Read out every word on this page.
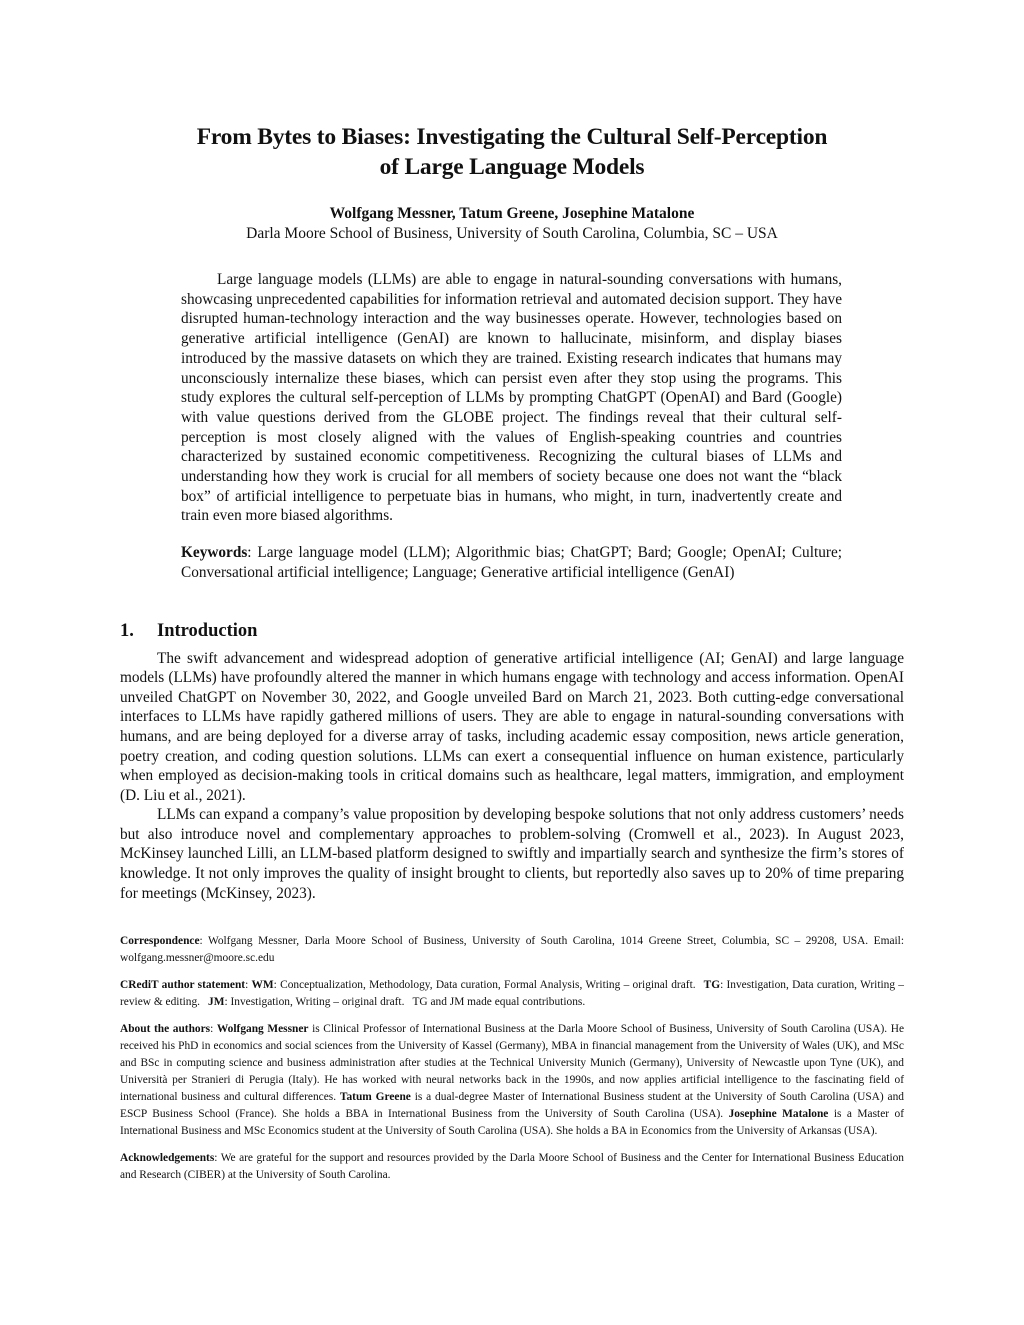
From Bytes to Biases: Investigating the Cultural Self-Perception
of Large Language Models
Wolfgang Messner, Tatum Greene, Josephine Matalone
Darla Moore School of Business, University of South Carolina, Columbia, SC – USA

Large language models (LLMs) are able to engage in natural-sounding conversations with humans, showcasing unprecedented capabilities for information retrieval and automated decision support. They have disrupted human-technology interaction and the way businesses operate. However, technologies based on generative artificial intelligence (GenAI) are known to hallucinate, misinform, and display biases introduced by the massive datasets on which they are trained. Existing research indicates that humans may unconsciously internalize these biases, which can persist even after they stop using the programs. This study explores the cultural self-perception of LLMs by prompting ChatGPT (OpenAI) and Bard (Google) with value questions derived from the GLOBE project. The findings reveal that their cultural self-perception is most closely aligned with the values of English-speaking countries and countries characterized by sustained economic competitiveness. Recognizing the cultural biases of LLMs and understanding how they work is crucial for all members of society because one does not want the “black box” of artificial intelligence to perpetuate bias in humans, who might, in turn, inadvertently create and train even more biased algorithms.

Keywords: Large language model (LLM); Algorithmic bias; ChatGPT; Bard; Google; OpenAI; Culture; Conversational artificial intelligence; Language; Generative artificial intelligence (GenAI)

1.	Introduction

The swift advancement and widespread adoption of generative artificial intelligence (AI; GenAI) and large language models (LLMs) have profoundly altered the manner in which humans engage with technology and access information. OpenAI unveiled ChatGPT on November 30, 2022, and Google unveiled Bard on March 21, 2023. Both cutting-edge conversational interfaces to LLMs have rapidly gathered millions of users. They are able to engage in natural-sounding conversations with humans, and are being deployed for a diverse array of tasks, including academic essay composition, news article generation, poetry creation, and coding question solutions. LLMs can exert a consequential influence on human existence, particularly when employed as decision-making tools in critical domains such as healthcare, legal matters, immigration, and employment (D. Liu et al., 2021).

LLMs can expand a company’s value proposition by developing bespoke solutions that not only address customers’ needs but also introduce novel and complementary approaches to problem-solving (Cromwell et al., 2023). In August 2023, McKinsey launched Lilli, an LLM-based platform designed to swiftly and impartially search and synthesize the firm’s stores of knowledge. It not only improves the quality of insight brought to clients, but reportedly also saves up to 20% of time preparing for meetings (McKinsey, 2023).

Correspondence: Wolfgang Messner, Darla Moore School of Business, University of South Carolina, 1014 Greene Street, Columbia, SC – 29208, USA. Email: wolfgang.messner@moore.sc.edu

CRediT author statement: WM: Conceptualization, Methodology, Data curation, Formal Analysis, Writing – original draft. TG: Investigation, Data curation, Writing – review & editing. JM: Investigation, Writing – original draft. TG and JM made equal contributions.

About the authors: Wolfgang Messner is Clinical Professor of International Business at the Darla Moore School of Business, University of South Carolina (USA). He received his PhD in economics and social sciences from the University of Kassel (Germany), MBA in financial management from the University of Wales (UK), and MSc and BSc in computing science and business administration after studies at the Technical University Munich (Germany), University of Newcastle upon Tyne (UK), and Università per Stranieri di Perugia (Italy). He has worked with neural networks back in the 1990s, and now applies artificial intelligence to the fascinating field of international business and cultural differences. Tatum Greene is a dual-degree Master of International Business student at the University of South Carolina (USA) and ESCP Business School (France). She holds a BBA in International Business from the University of South Carolina (USA). Josephine Matalone is a Master of International Business and MSc Economics student at the University of South Carolina (USA). She holds a BA in Economics from the University of Arkansas (USA).

Acknowledgements: We are grateful for the support and resources provided by the Darla Moore School of Business and the Center for International Business Education and Research (CIBER) at the University of South Carolina.
